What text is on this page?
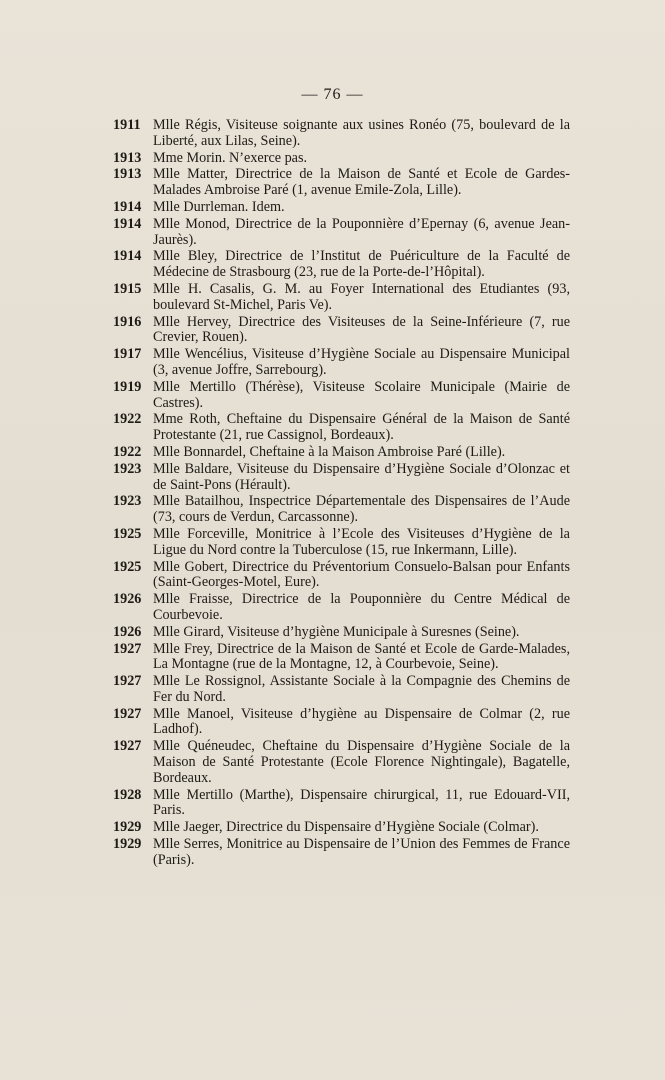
— 76 —
1911 Mlle Régis, Visiteuse soignante aux usines Ronéo (75, boulevard de la Liberté, aux Lilas, Seine).
1913 Mme Morin. N’exerce pas.
1913 Mlle Matter, Directrice de la Maison de Santé et Ecole de Gardes-Malades Ambroise Paré (1, avenue Emile-Zola, Lille).
1914 Mlle Durrleman. Idem.
1914 Mlle Monod, Directrice de la Pouponnière d’Epernay (6, avenue Jean-Jaurès).
1914 Mlle Bley, Directrice de l’Institut de Puériculture de la Faculté de Médecine de Strasbourg (23, rue de la Porte-de-l’Hôpital).
1915 Mlle H. Casalis, G. M. au Foyer International des Etudiantes (93, boulevard St-Michel, Paris Ve).
1916 Mlle Hervey, Directrice des Visiteuses de la Seine-Inférieure (7, rue Crevier, Rouen).
1917 Mlle Wencélius, Visiteuse d’Hygiène Sociale au Dispensaire Municipal (3, avenue Joffre, Sarrebourg).
1919 Mlle Mertillo (Thérèse), Visiteuse Scolaire Municipale (Mairie de Castres).
1922 Mme Roth, Cheftaine du Dispensaire Général de la Maison de Santé Protestante (21, rue Cassignol, Bordeaux).
1922 Mlle Bonnardel, Cheftaine à la Maison Ambroise Paré (Lille).
1923 Mlle Baldare, Visiteuse du Dispensaire d’Hygiène Sociale d’Olonzac et de Saint-Pons (Hérault).
1923 Mlle Batailhou, Inspectrice Départementale des Dispensaires de l’Aude (73, cours de Verdun, Carcassonne).
1925 Mlle Forceville, Monitrice à l’Ecole des Visiteuses d’Hygiène de la Ligue du Nord contre la Tuberculose (15, rue Inkermann, Lille).
1925 Mlle Gobert, Directrice du Préventorium Consuelo-Balsan pour Enfants (Saint-Georges-Motel, Eure).
1926 Mlle Fraisse, Directrice de la Pouponnière du Centre Médical de Courbevoie.
1926 Mlle Girard, Visiteuse d’hygiène Municipale à Suresnes (Seine).
1927 Mlle Frey, Directrice de la Maison de Santé et Ecole de Garde-Malades, La Montagne (rue de la Montagne, 12, à Courbevoie, Seine).
1927 Mlle Le Rossignol, Assistante Sociale à la Compagnie des Chemins de Fer du Nord.
1927 Mlle Manoel, Visiteuse d’hygiène au Dispensaire de Colmar (2, rue Ladhof).
1927 Mlle Quéneudec, Cheftaine du Dispensaire d’Hygiène Sociale de la Maison de Santé Protestante (Ecole Florence Nightingale), Bagatelle, Bordeaux.
1928 Mlle Mertillo (Marthe), Dispensaire chirurgical, 11, rue Edouard-VII, Paris.
1929 Mlle Jaeger, Directrice du Dispensaire d’Hygiène Sociale (Colmar).
1929 Mlle Serres, Monitrice au Dispensaire de l’Union des Femmes de France (Paris).
